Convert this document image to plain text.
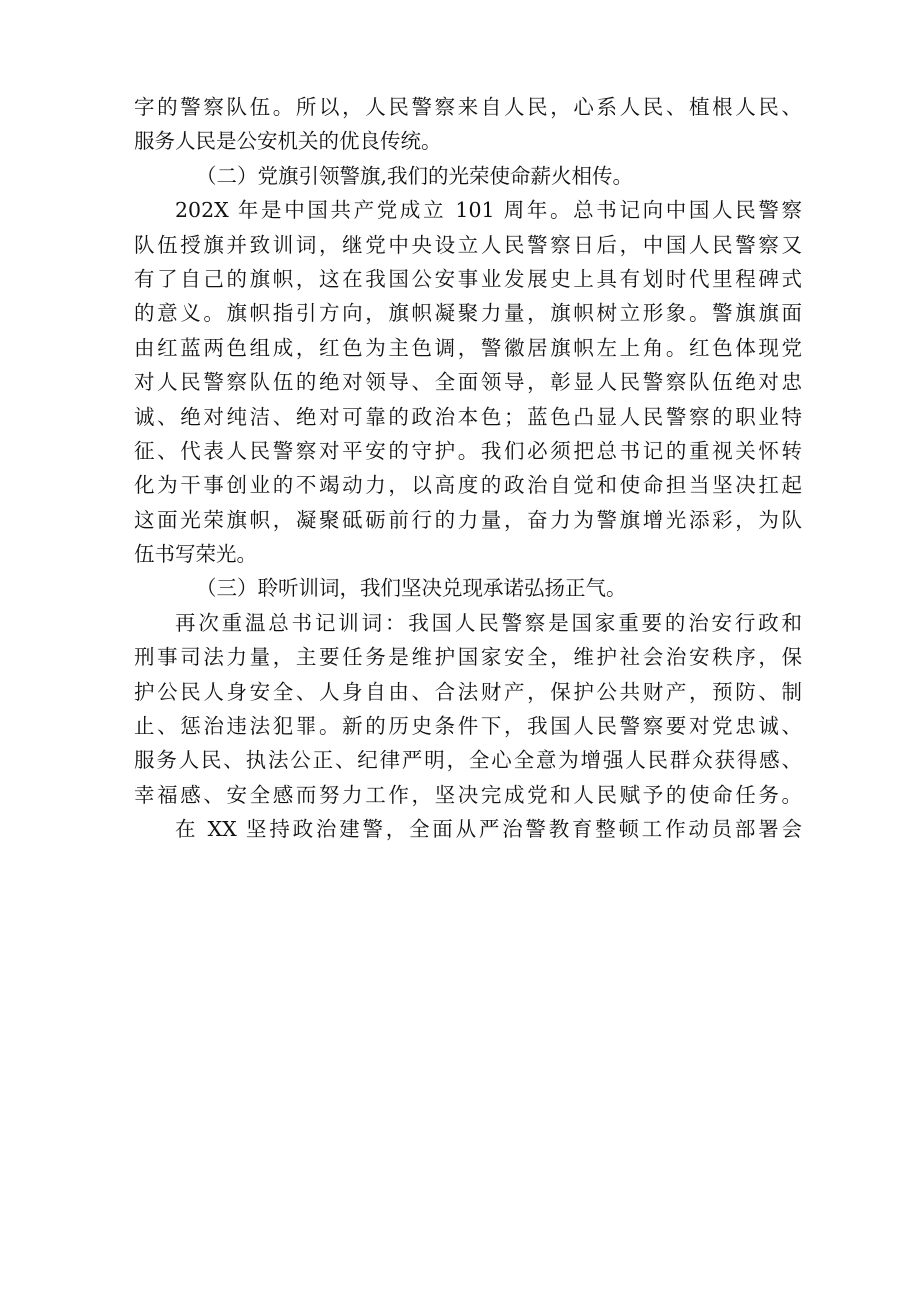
字的警察队伍。所以，人民警察来自人民，心系人民、植根人民、
服务人民是公安机关的优良传统。
（二）党旗引领警旗,我们的光荣使命薪火相传。
202X 年是中国共产党成立 101 周年。总书记向中国人民警察
队伍授旗并致训词，继党中央设立人民警察日后，中国人民警察又
有了自己的旗帜，这在我国公安事业发展史上具有划时代里程碑式
的意义。旗帜指引方向，旗帜凝聚力量，旗帜树立形象。警旗旗面
由红蓝两色组成，红色为主色调，警徽居旗帜左上角。红色体现党
对人民警察队伍的绝对领导、全面领导，彰显人民警察队伍绝对忠
诚、绝对纯洁、绝对可靠的政治本色；蓝色凸显人民警察的职业特
征、代表人民警察对平安的守护。我们必须把总书记的重视关怀转
化为干事创业的不竭动力，以高度的政治自觉和使命担当坚决扛起
这面光荣旗帜，凝聚砥砺前行的力量，奋力为警旗增光添彩，为队
伍书写荣光。
（三）聆听训词，我们坚决兑现承诺弘扬正气。
再次重温总书记训词：我国人民警察是国家重要的治安行政和
刑事司法力量，主要任务是维护国家安全，维护社会治安秩序，保
护公民人身安全、人身自由、合法财产，保护公共财产，预防、制
止、惩治违法犯罪。新的历史条件下，我国人民警察要对党忠诚、
服务人民、执法公正、纪律严明，全心全意为增强人民群众获得感、
幸福感、安全感而努力工作，坚决完成党和人民赋予的使命任务。
在 XX 坚持政治建警，全面从严治警教育整顿工作动员部署会
